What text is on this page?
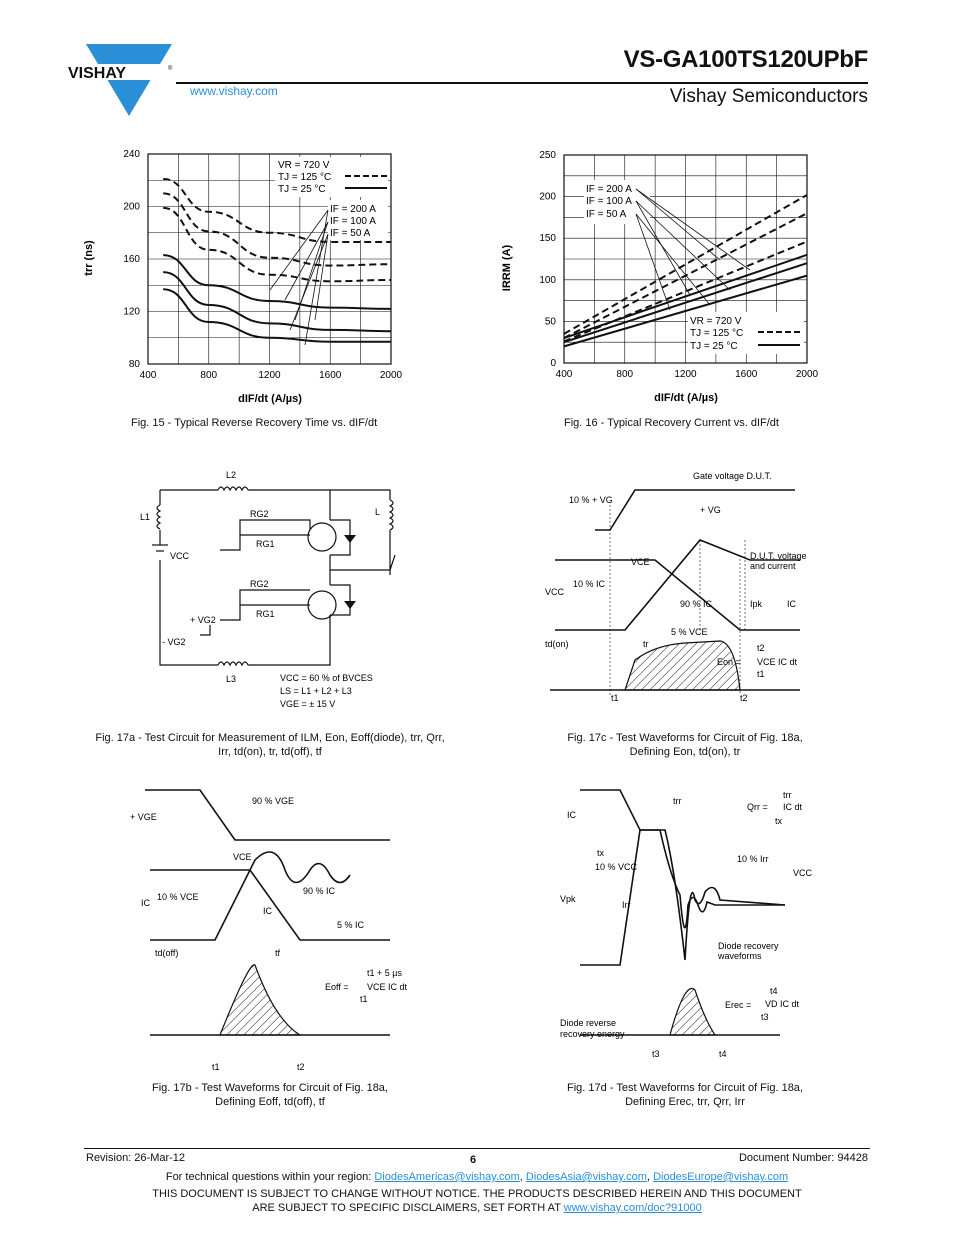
VISHAY	®
www.vishay.com
VS-GA100TS120UPbF
Vishay Semiconductors
400	800	1200	1600	2000
80
120
160
200
240
VR = 720 V
TJ = 125 °C
TJ = 25 °C
IF = 200 A
IF = 100 A
IF = 50 A
dIF/dt (A/µs)
trr (ns)
Fig. 15 - Typical Reverse Recovery Time vs. dIF/dt
400	800	1200	1600	2000
0
50
100
150
200
250
IF = 200 A
IF = 100 A
IF = 50 A
VR = 720 V
TJ = 125 °C
TJ = 25 °C
dIF/dt (A/µs)
IRRM (A)
Fig. 16 - Typical Recovery Current vs. dIF/dt
L2
L1	L
L3
RG2
RG1
RG2
RG1
+ VG2
- VG2
VCC
VCC = 60 % of BVCES
LS = L1 + L2 + L3
VGE = ± 15 V
Fig. 17a - Test Circuit for Measurement of ILM, Eon, Eoff(diode), trr, Qrr,
Irr, td(on), tr, td(off), tf
Gate voltage D.U.T.
10 % + VG
+ VG
VCE
D.U.T. voltage
and current
10 % IC
VCC
90 % IC	Ipk	IC
5 % VCE
td(on)	tr	t2
Eon = VCE IC dt
t1
t1	t2
Fig. 17c - Test Waveforms for Circuit of Fig. 18a,
Defining Eon, td(on), tr
+ VGE
90 % VGE
VCE
10 % VCE
IC
IC
90 % IC
5 % IC
td(off)	tf
Eoff =
t1 + 5 µs
VCE IC dt
t1
t1	t2
Fig. 17b - Test Waveforms for Circuit of Fig. 18a,
Defining Eoff, td(off), tf
IC
trr
Qrr =
trr
IC dt
tx
tx
10 % VCC
10 % Irr
VCC
Vpk
Irr
Diode recovery
waveforms
Erec =
t4
VD IC dt
t3
Diode reverse
recovery energy
t3	t4
Fig. 17d - Test Waveforms for Circuit of Fig. 18a,
Defining Erec, trr, Qrr, Irr
Revision: 26-Mar-12	6	Document Number: 94428
For technical questions within your region: DiodesAmericas@vishay.com, DiodesAsia@vishay.com, DiodesEurope@vishay.com
THIS DOCUMENT IS SUBJECT TO CHANGE WITHOUT NOTICE. THE PRODUCTS DESCRIBED HEREIN AND THIS DOCUMENT
ARE SUBJECT TO SPECIFIC DISCLAIMERS, SET FORTH AT www.vishay.com/doc?91000
